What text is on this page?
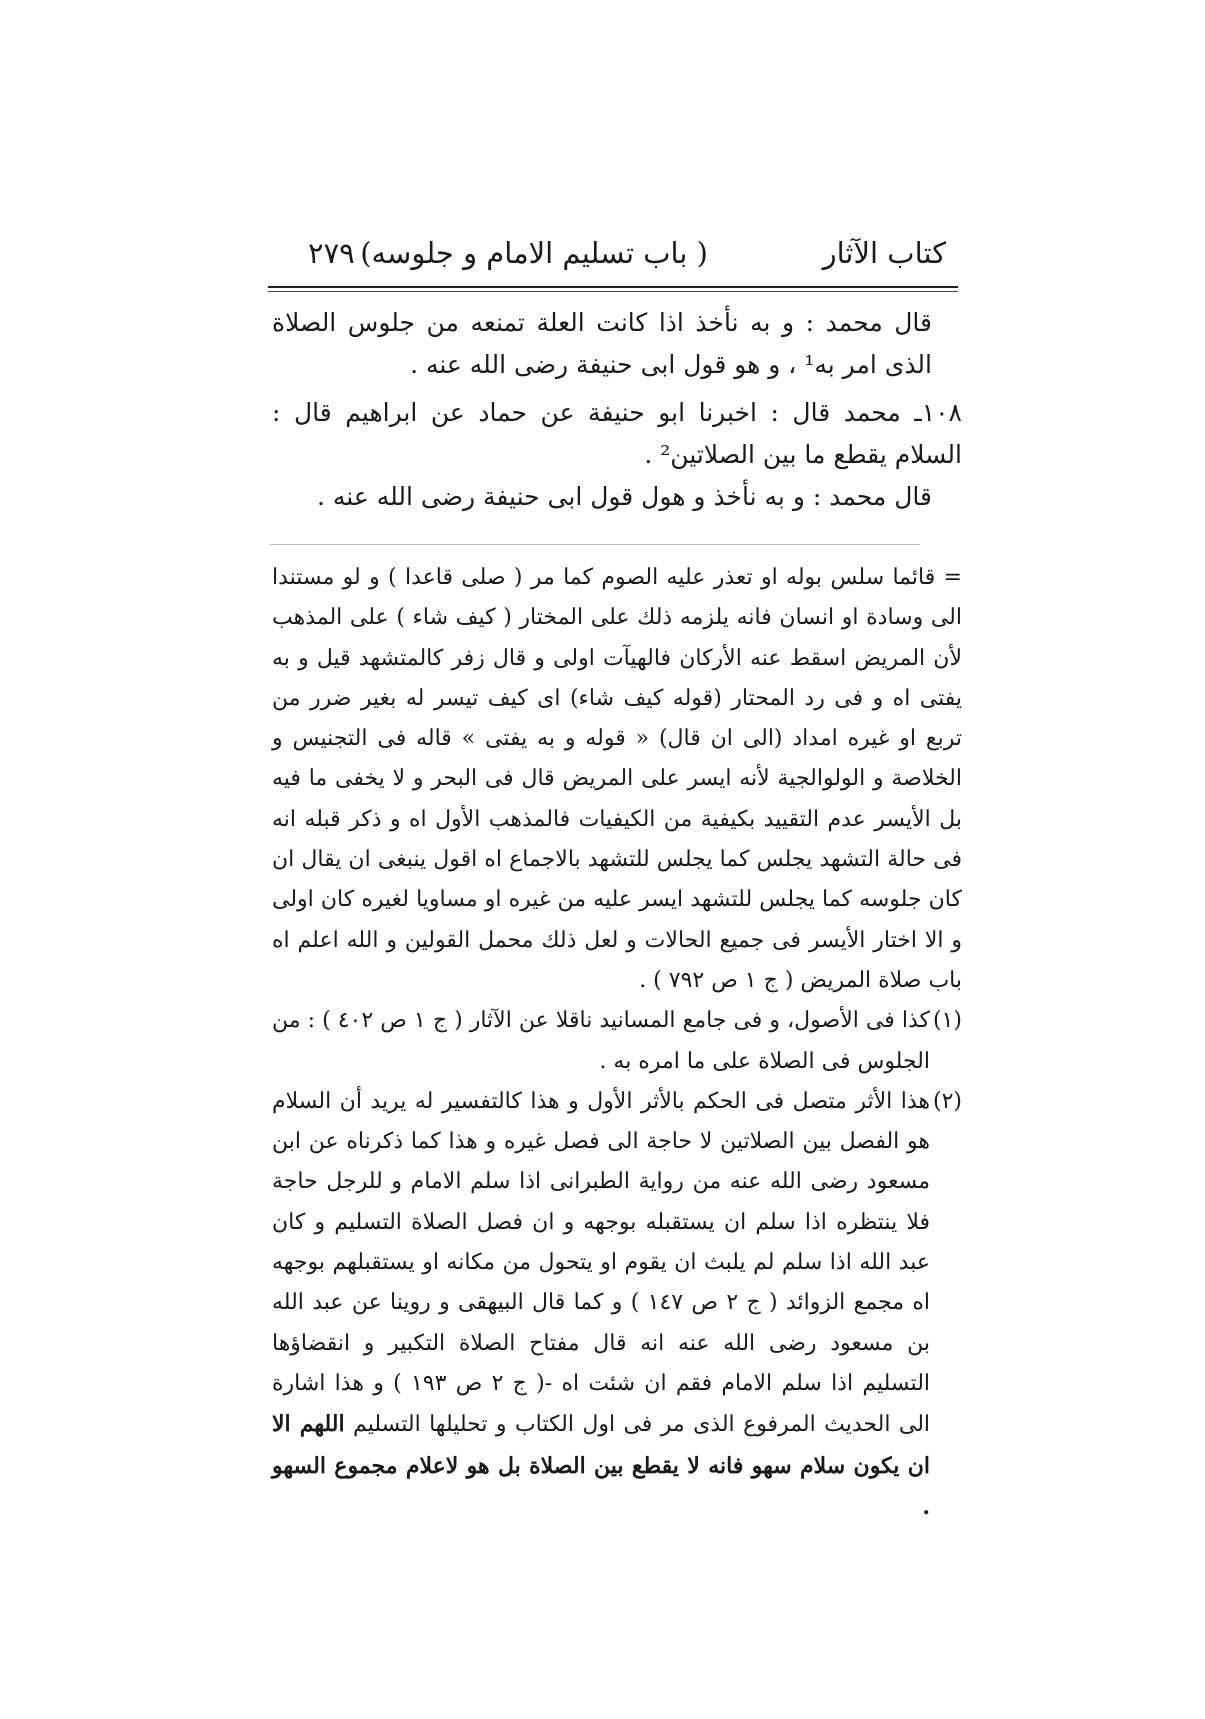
كتاب الآثار
( باب تسليم الامام و جلوسه)
٢٧٩

قال محمد : و به نأخذ اذا كانت العلة تمنعه من جلوس الصلاة الذى امر به¹ ، و هو قول ابى حنيفة رضى الله عنه .

١٠٨ـ محمد قال : اخبرنا ابو حنيفة عن حماد عن ابراهيم قال : السلام يقطع ما بين الصلاتين² .

قال محمد : و به نأخذ و هول قول ابى حنيفة رضى الله عنه .

= قائما سلس بوله او تعذر عليه الصوم كما مر ( صلى قاعدا ) و لو مستندا الى وسادة او انسان فانه يلزمه ذلك على المختار ( كيف شاء ) على المذهب لأن المريض اسقط عنه الأركان فالهيآت اولى و قال زفر كالمتشهد قيل و به يفتى اه و فى رد المحتار (قوله كيف شاء) اى كيف تيسر له بغير ضرر من تربع او غيره امداد (الى ان قال) « قوله و به يفتى » قاله فى التجنيس و الخلاصة و الولوالجية لأنه ايسر على المريض قال فى البحر و لا يخفى ما فيه بل الأيسر عدم التقييد بكيفية من الكيفيات فالمذهب الأول اه و ذكر قبله انه فى حالة التشهد يجلس كما يجلس للتشهد بالاجماع اه اقول ينبغى ان يقال ان كان جلوسه كما يجلس للتشهد ايسر عليه من غيره او مساويا لغيره كان اولى و الا اختار الأيسر فى جميع الحالات و لعل ذلك محمل القولين و الله اعلم اه باب صلاة المريض ( ج ١ ص ٧٩٢ ) .

(١)
كذا فى الأصول، و فى جامع المسانيد ناقلا عن الآثار ( ج ١ ص ٤٠٢ ) : من الجلوس فى الصلاة على ما امره به .

(٢)
هذا الأثر متصل فى الحكم بالأثر الأول و هذا كالتفسير له يريد أن السلام هو الفصل بين الصلاتين لا حاجة الى فصل غيره و هذا كما ذكرناه عن ابن مسعود رضى الله عنه من رواية الطبرانى اذا سلم الامام و للرجل حاجة فلا ينتظره اذا سلم ان يستقبله بوجهه و ان فصل الصلاة التسليم و كان عبد الله اذا سلم لم يلبث ان يقوم او يتحول من مكانه او يستقبلهم بوجهه اه مجمع الزوائد ( ج ٢ ص ١٤٧ ) و كما قال البيهقى و روينا عن عبد الله بن مسعود رضى الله عنه انه قال مفتاح الصلاة التكبير و انقضاؤها التسليم اذا سلم الامام فقم ان شئت اه -( ج ٢ ص ١٩٣ ) و هذا اشارة الى الحديث المرفوع الذى مر فى اول الكتاب و تحليلها التسليم اللهم الا ان يكون سلام سهو فانه لا يقطع بين الصلاة بل هو لاعلام مجموع السهو .
